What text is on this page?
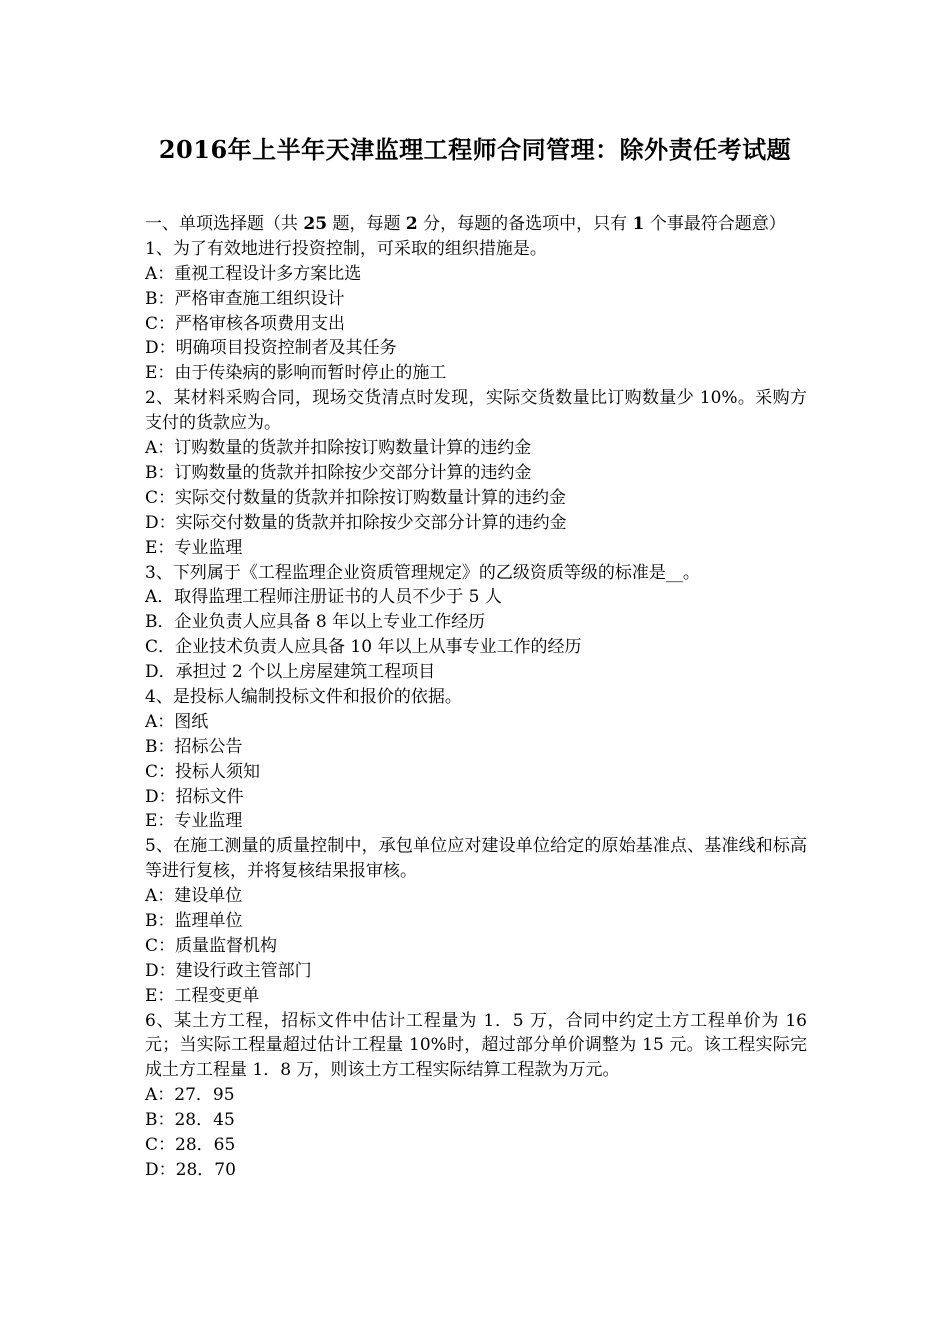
2016年上半年天津监理工程师合同管理：除外责任考试题
一、单项选择题（共 25 题，每题 2 分，每题的备选项中，只有 1 个事最符合题意）
1、为了有效地进行投资控制，可采取的组织措施是。
A：重视工程设计多方案比选
B：严格审查施工组织设计
C：严格审核各项费用支出
D：明确项目投资控制者及其任务
E：由于传染病的影响而暂时停止的施工
2、某材料采购合同，现场交货清点时发现，实际交货数量比订购数量少 10%。采购方支付的货款应为。
A：订购数量的货款并扣除按订购数量计算的违约金
B：订购数量的货款并扣除按少交部分计算的违约金
C：实际交付数量的货款并扣除按订购数量计算的违约金
D：实际交付数量的货款并扣除按少交部分计算的违约金
E：专业监理
3、下列属于《工程监理企业资质管理规定》的乙级资质等级的标准是__。
A．取得监理工程师注册证书的人员不少于 5 人
B．企业负责人应具备 8 年以上专业工作经历
C．企业技术负责人应具备 10 年以上从事专业工作的经历
D．承担过 2 个以上房屋建筑工程项目
4、是投标人编制投标文件和报价的依据。
A：图纸
B：招标公告
C：投标人须知
D：招标文件
E：专业监理
5、在施工测量的质量控制中，承包单位应对建设单位给定的原始基准点、基准线和标高等进行复核，并将复核结果报审核。
A：建设单位
B：监理单位
C：质量监督机构
D：建设行政主管部门
E：工程变更单
6、某土方工程，招标文件中估计工程量为 1．5 万，合同中约定土方工程单价为 16 元；当实际工程量超过估计工程量 10%时，超过部分单价调整为 15 元。该工程实际完成土方工程量 1．8 万，则该土方工程实际结算工程款为万元。
A：27．95
B：28．45
C：28．65
D：28．70
